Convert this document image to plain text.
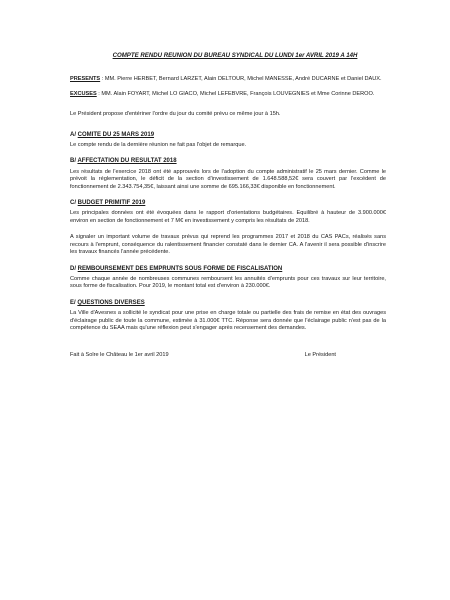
COMPTE RENDU REUNION DU BUREAU SYNDICAL DU LUNDI 1er AVRIL 2019 A 14H

PRESENTS : MM. Pierre HERBET, Bernard LARZET, Alain DELTOUR, Michel MANESSE, André DUCARNE et Daniel DAUX.

EXCUSES : MM. Alain FOYART, Michel LO GIACO, Michel LEFEBVRE, François LOUVEGNIES et Mme Corinne DEROO.

Le Président propose d'entériner l'ordre du jour du comité prévu ce même jour à 15h.

A/ COMITE DU 25 MARS 2019

Le compte rendu de la dernière réunion ne fait pas l'objet de remarque.

B/ AFFECTATION DU RESULTAT 2018

Les résultats de l'exercice 2018 ont été approuvés lors de l'adoption du compte administratif le 25 mars dernier. Comme le prévoit la réglementation, le déficit de la section d'investissement de 1.648.588,52€ sera couvert par l'excédent de fonctionnement de 2.343.754,35€, laissant ainsi une somme de 695.166,33€ disponible en fonctionnement.

C/ BUDGET PRIMITIF 2019

Les principales données ont été évoquées dans le rapport d'orientations budgétaires. Equilibré à hauteur de 3.900.000€ environ en section de fonctionnement et 7 M€ en investissement y compris les résultats de 2018.

A signaler un important volume de travaux prévus qui reprend les programmes 2017 et 2018 du CAS PACs, réalisés sans recours à l'emprunt, conséquence du ralentissement financier constaté dans le dernier CA. A l'avenir il sera possible d'inscrire les travaux financés l'année précédente.

D/ REMBOURSEMENT DES EMPRUNTS SOUS FORME DE FISCALISATION

Comme chaque année de nombreuses communes remboursent les annuités d'emprunts pour ces travaux sur leur territoire, sous forme de fiscalisation. Pour 2019, le montant total est d'environ à 230.000€.

E/ QUESTIONS DIVERSES

La Ville d'Avesnes a sollicité le syndicat pour une prise en charge totale ou partielle des frais de remise en état des ouvrages d'éclairage public de toute la commune, estimée à 31.000€ TTC. Réponse sera donnée que l'éclairage public n'est pas de la compétence du SEAA mais qu'une réflexion peut s'engager après recensement des demandes.

Fait à Solre le Château le 1er avril 2019	Le Président
